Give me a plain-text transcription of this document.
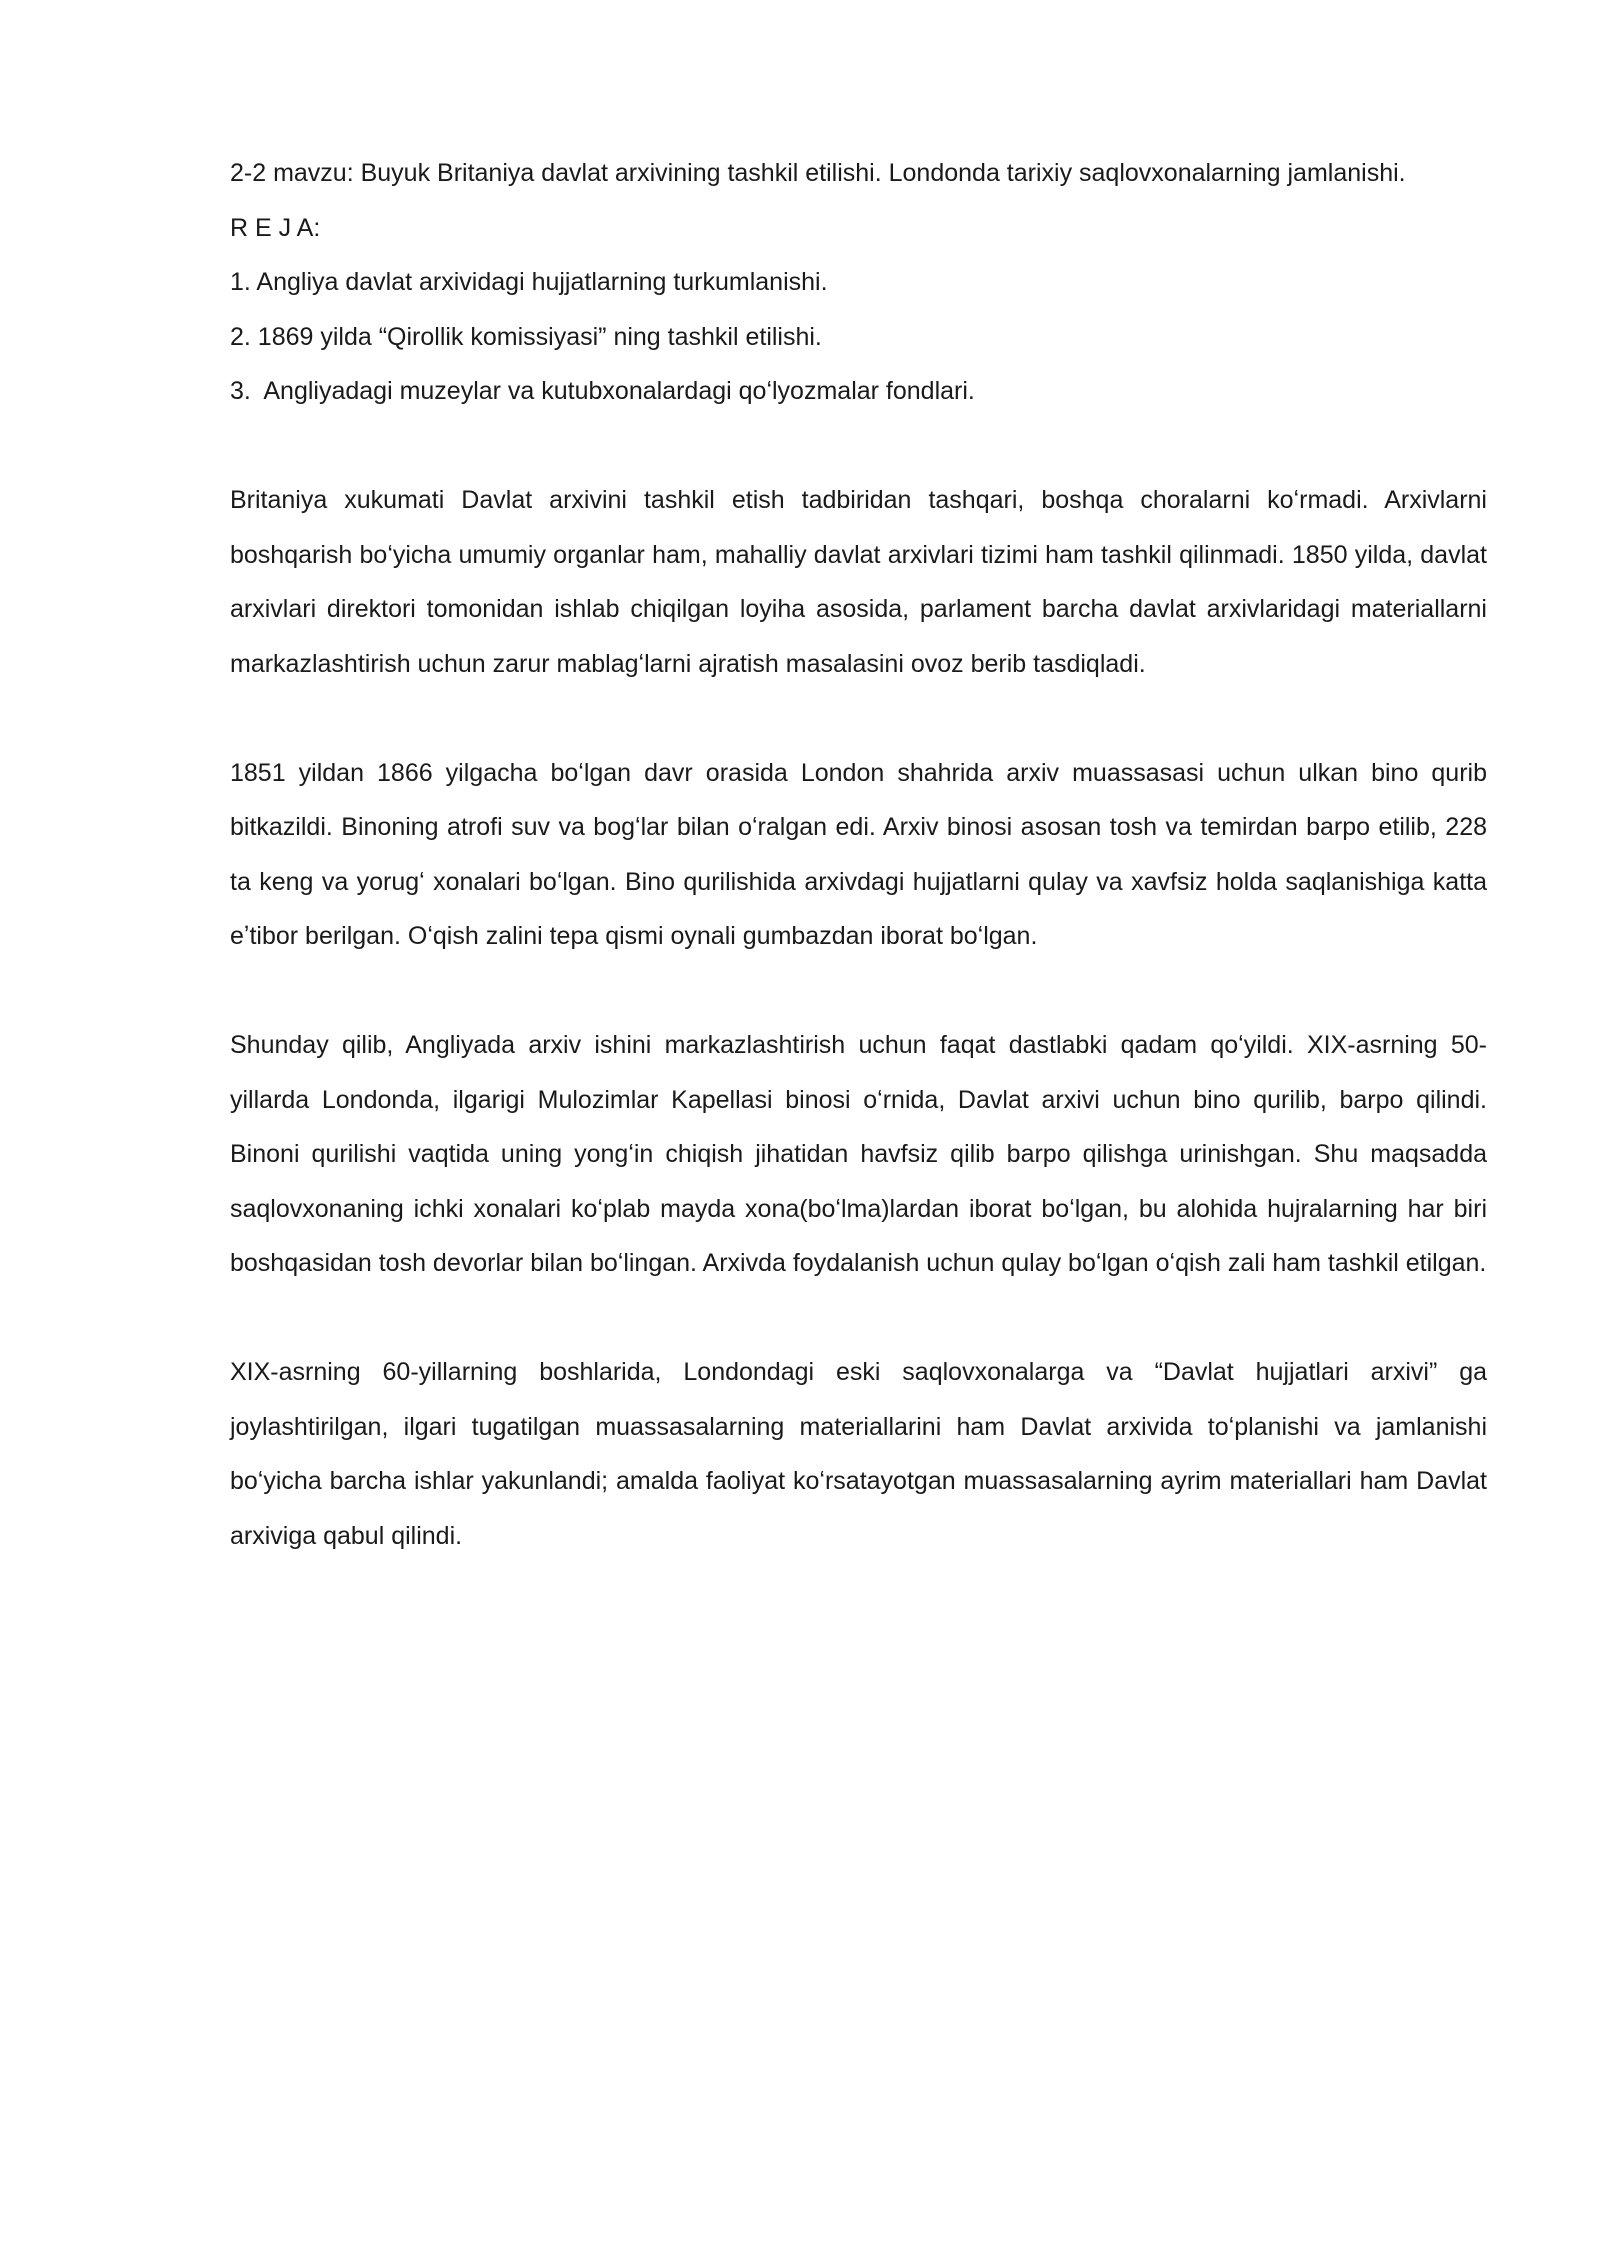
2-2 mavzu: Buyuk Britaniya davlat arxivining tashkil etilishi. Londonda tarixiy saqlovxonalarning jamlanishi.

R E J A:
1. Angliya davlat arxividagi hujjatlarning turkumlanishi.
2. 1869 yilda “Qirollik komissiyasi” ning tashkil etilishi.
3.  Angliyadagi muzeylar va kutubxonalardagi qoʻlyozmalar fondlari.

Britaniya xukumati Davlat arxivini tashkil etish tadbiridan tashqari, boshqa choralarni koʻrmadi. Arxivlarni boshqarish boʻyicha umumiy organlar ham, mahalliy davlat arxivlari tizimi ham tashkil qilinmadi. 1850 yilda, davlat arxivlari direktori tomonidan ishlab chiqilgan loyiha asosida, parlament barcha davlat arxivlaridagi materiallarni markazlashtirish uchun zarur mablagʻlarni ajratish masalasini ovoz berib tasdiqladi.

1851 yildan 1866 yilgacha boʻlgan davr orasida London shahrida arxiv muassasasi uchun ulkan bino qurib bitkazildi. Binoning atrofi suv va bogʻlar bilan oʻralgan edi. Arxiv binosi asosan tosh va temirdan barpo etilib, 228 ta keng va yorugʻ xonalari boʻlgan. Bino qurilishida arxivdagi hujjatlarni qulay va xavfsiz holda saqlanishiga katta eʼtibor berilgan. Oʻqish zalini tepa qismi oynali gumbazdan iborat boʻlgan.

Shunday qilib, Angliyada arxiv ishini markazlashtirish uchun faqat dastlabki qadam qoʻyildi. XIX-asrning 50-yillarda Londonda, ilgarigi Mulozimlar Kapellasi binosi oʻrnida, Davlat arxivi uchun bino qurilib, barpo qilindi. Binoni qurilishi vaqtida uning yongʻin chiqish jihatidan havfsiz qilib barpo qilishga urinishgan. Shu maqsadda saqlovxonaning ichki xonalari koʻplab mayda xona(boʻlma)lardan iborat boʻlgan, bu alohida hujralarning har biri boshqasidan tosh devorlar bilan boʻlingan. Arxivda foydalanish uchun qulay boʻlgan oʻqish zali ham tashkil etilgan.

XIX-asrning 60-yillarning boshlarida, Londondagi eski saqlovxonalarga va “Davlat hujjatlari arxivi” ga joylashtirilgan, ilgari tugatilgan muassasalarning materiallarini ham Davlat arxivida toʻplanishi va jamlanishi boʻyicha barcha ishlar yakunlandi; amalda faoliyat koʻrsatayotgan muassasalarning ayrim materiallari ham Davlat arxiviga qabul qilindi.
